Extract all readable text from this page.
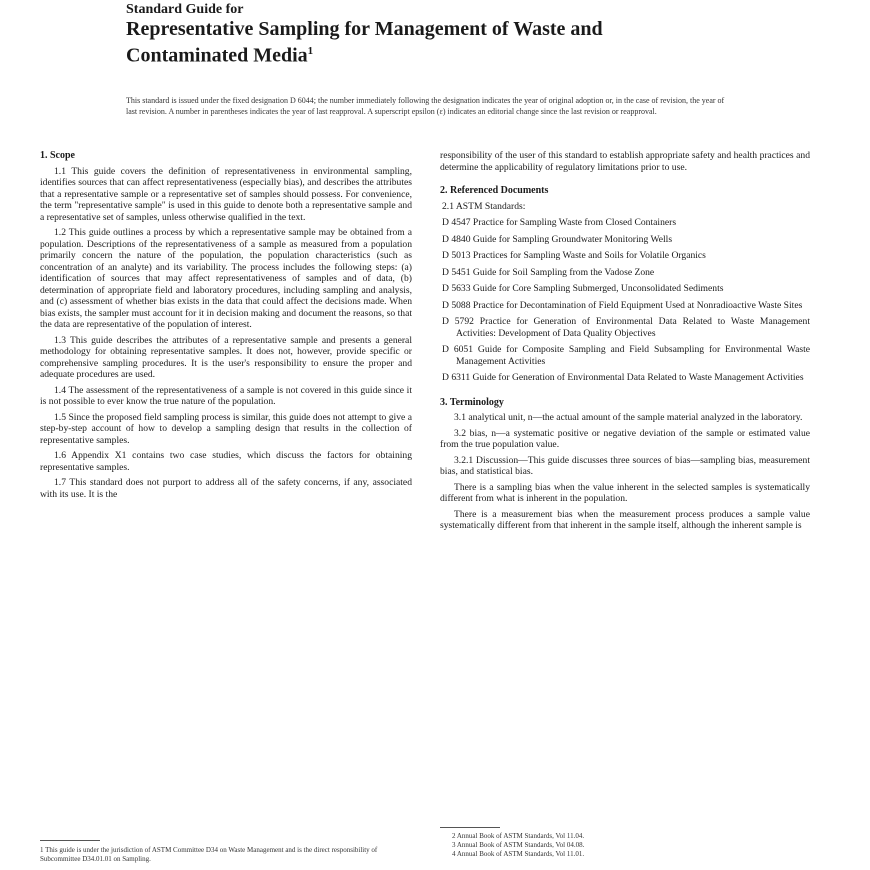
Standard Guide for
Representative Sampling for Management of Waste and
Contaminated Media$^1$
This standard is issued under the fixed designation D 6044; the number immediately following the designation indicates the year of original adoption or, in the case of revision, the year of last revision. A number in parentheses indicates the year of last reapproval. A superscript epsilon (ε) indicates an editorial change since the last revision or reapproval.
1. Scope

1.1 This guide covers the definition of representativeness in environmental sampling, identifies sources that can affect representativeness (especially bias), and describes the attributes that a representative sample or a representative set of samples should possess. For convenience, the term "representative sample" is used in this guide to denote both a representative sample and a representative set of samples, unless otherwise qualified in the text.

1.2 This guide outlines a process by which a representative sample may be obtained from a population. Descriptions of the representativeness of a sample as measured from a population primarily concern the nature of the population, the population characteristics (such as concentration of an analyte) and its variability. The process includes the following steps: (a) identification of sources that may affect representativeness of samples and of data, (b) determination of appropriate field and laboratory procedures, including sampling and analysis, and (c) assessment of whether bias exists in the data that could affect the decisions made. When bias exists, the sampler must account for it in decision making and document the reasons, so that the data are representative of the population of interest.

1.3 This guide describes the attributes of a representative sample and presents a general methodology for obtaining representative samples. It does not, however, provide specific or comprehensive sampling procedures. It is the user's responsibility to ensure the proper and adequate procedures are used.

1.4 The assessment of the representativeness of a sample is not covered in this guide since it is not possible to ever know the true nature of the population.

1.5 Since the proposed field sampling process is similar, this guide does not attempt to give a step-by-step account of how to develop a sampling design that results in the collection of representative samples.

1.6 Appendix X1 contains two case studies, which discuss the factors for obtaining representative samples.

1.7 This standard does not purport to address all of the safety concerns, if any, associated with its use. It is the

responsibility of the user of this standard to establish appropriate safety and health practices and determine the applicability of regulatory limitations prior to use.

2. Referenced Documents

2.1 ASTM Standards:

D 4547 Practice for Sampling Waste from Closed Containers

D 4840 Guide for Sampling Groundwater Monitoring Wells

D 5013 Practices for Sampling Waste and Soils for Volatile Organics

D 5451 Guide for Soil Sampling from the Vadose Zone

D 5633 Guide for Core Sampling Submerged, Unconsolidated Sediments

D 5088 Practice for Decontamination of Field Equipment Used at Nonradioactive Waste Sites

D 5792 Practice for Generation of Environmental Data Related to Waste Management Activities: Development of Data Quality Objectives

D 6051 Guide for Composite Sampling and Field Subsampling for Environmental Waste Management Activities

D 6311 Guide for Generation of Environmental Data Related to Waste Management Activities

3. Terminology

3.1 analytical unit, n—the actual amount of the sample material analyzed in the laboratory.

3.2 bias, n—a systematic positive or negative deviation of the sample or estimated value from the true population value.

3.2.1 Discussion—This guide discusses three sources of bias—sampling bias, measurement bias, and statistical bias.

There is a sampling bias when the value inherent in the selected samples is systematically different from what is inherent in the population.

There is a measurement bias when the measurement process produces a sample value systematically different from that inherent in the sample itself, although the inherent sample is

1 This guide is under the jurisdiction of ASTM Committee D34 on Waste Management and is the direct responsibility of Subcommittee D34.01.01 on Sampling.
2 Annual Book of ASTM Standards, Vol 11.04.
3 Annual Book of ASTM Standards, Vol 04.08.
4 Annual Book of ASTM Standards, Vol 11.01.
